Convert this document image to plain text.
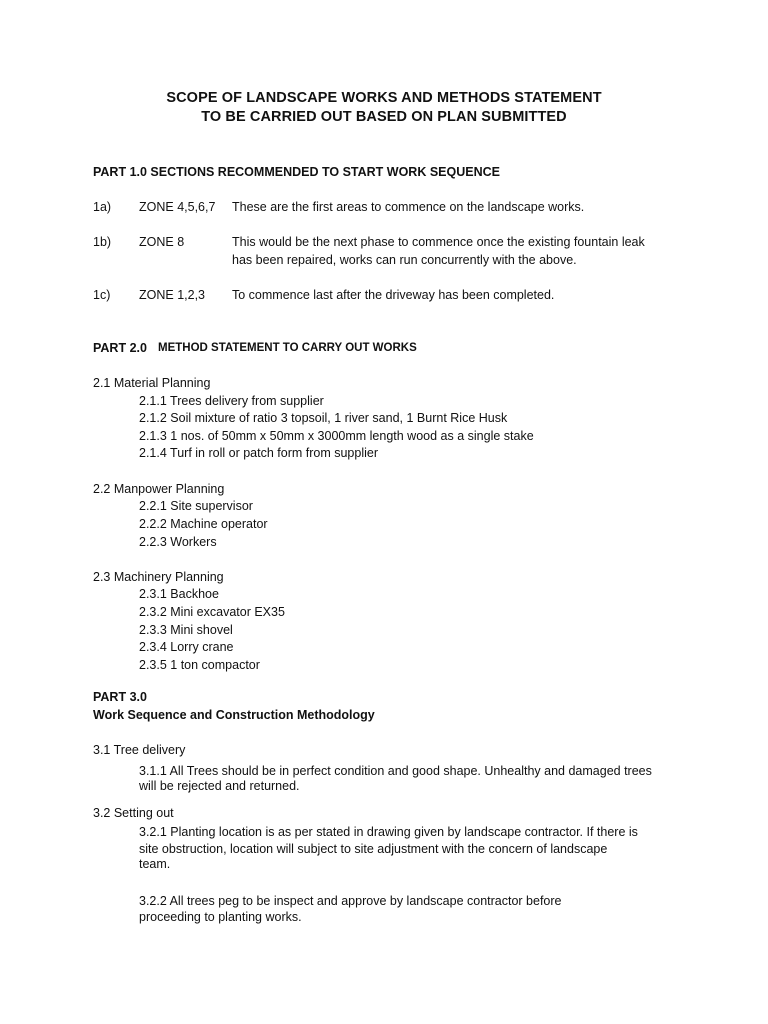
SCOPE OF LANDSCAPE WORKS AND METHODS STATEMENT
TO BE CARRIED OUT BASED ON PLAN SUBMITTED
PART 1.0 SECTIONS RECOMMENDED TO START WORK SEQUENCE
1a) ZONE 4,5,6,7 These are the first areas to commence on the landscape works.
1b) ZONE 8	This would be the next phase to commence once the existing fountain leak
has been repaired, works can run concurrently with the above.
1c) ZONE 1,2,3 To commence last after the driveway has been completed.
PART 2.0 METHOD STATEMENT TO CARRY OUT WORKS
2.1 Material Planning
2.1.1 Trees delivery from supplier
2.1.2 Soil mixture of ratio 3 topsoil, 1 river sand, 1 Burnt Rice Husk
2.1.3 1 nos. of 50mm x 50mm x 3000mm length wood as a single stake
2.1.4 Turf in roll or patch form from supplier
2.2 Manpower Planning
2.2.1 Site supervisor
2.2.2 Machine operator
2.2.3 Workers
2.3 Machinery Planning
2.3.1 Backhoe
2.3.2 Mini excavator EX35
2.3.3 Mini shovel
2.3.4 Lorry crane
2.3.5 1 ton compactor
PART 3.0
Work Sequence and Construction Methodology
3.1 Tree delivery
3.1.1 All Trees should be in perfect condition and good shape. Unhealthy and damaged trees
will be rejected and returned.
3.2 Setting out
3.2.1 Planting location is as per stated in drawing given by landscape contractor. If there is
site obstruction, location will subject to site adjustment with the concern of landscape
team.
3.2.2 All trees peg to be inspect and approve by landscape contractor before
proceeding to planting works.
